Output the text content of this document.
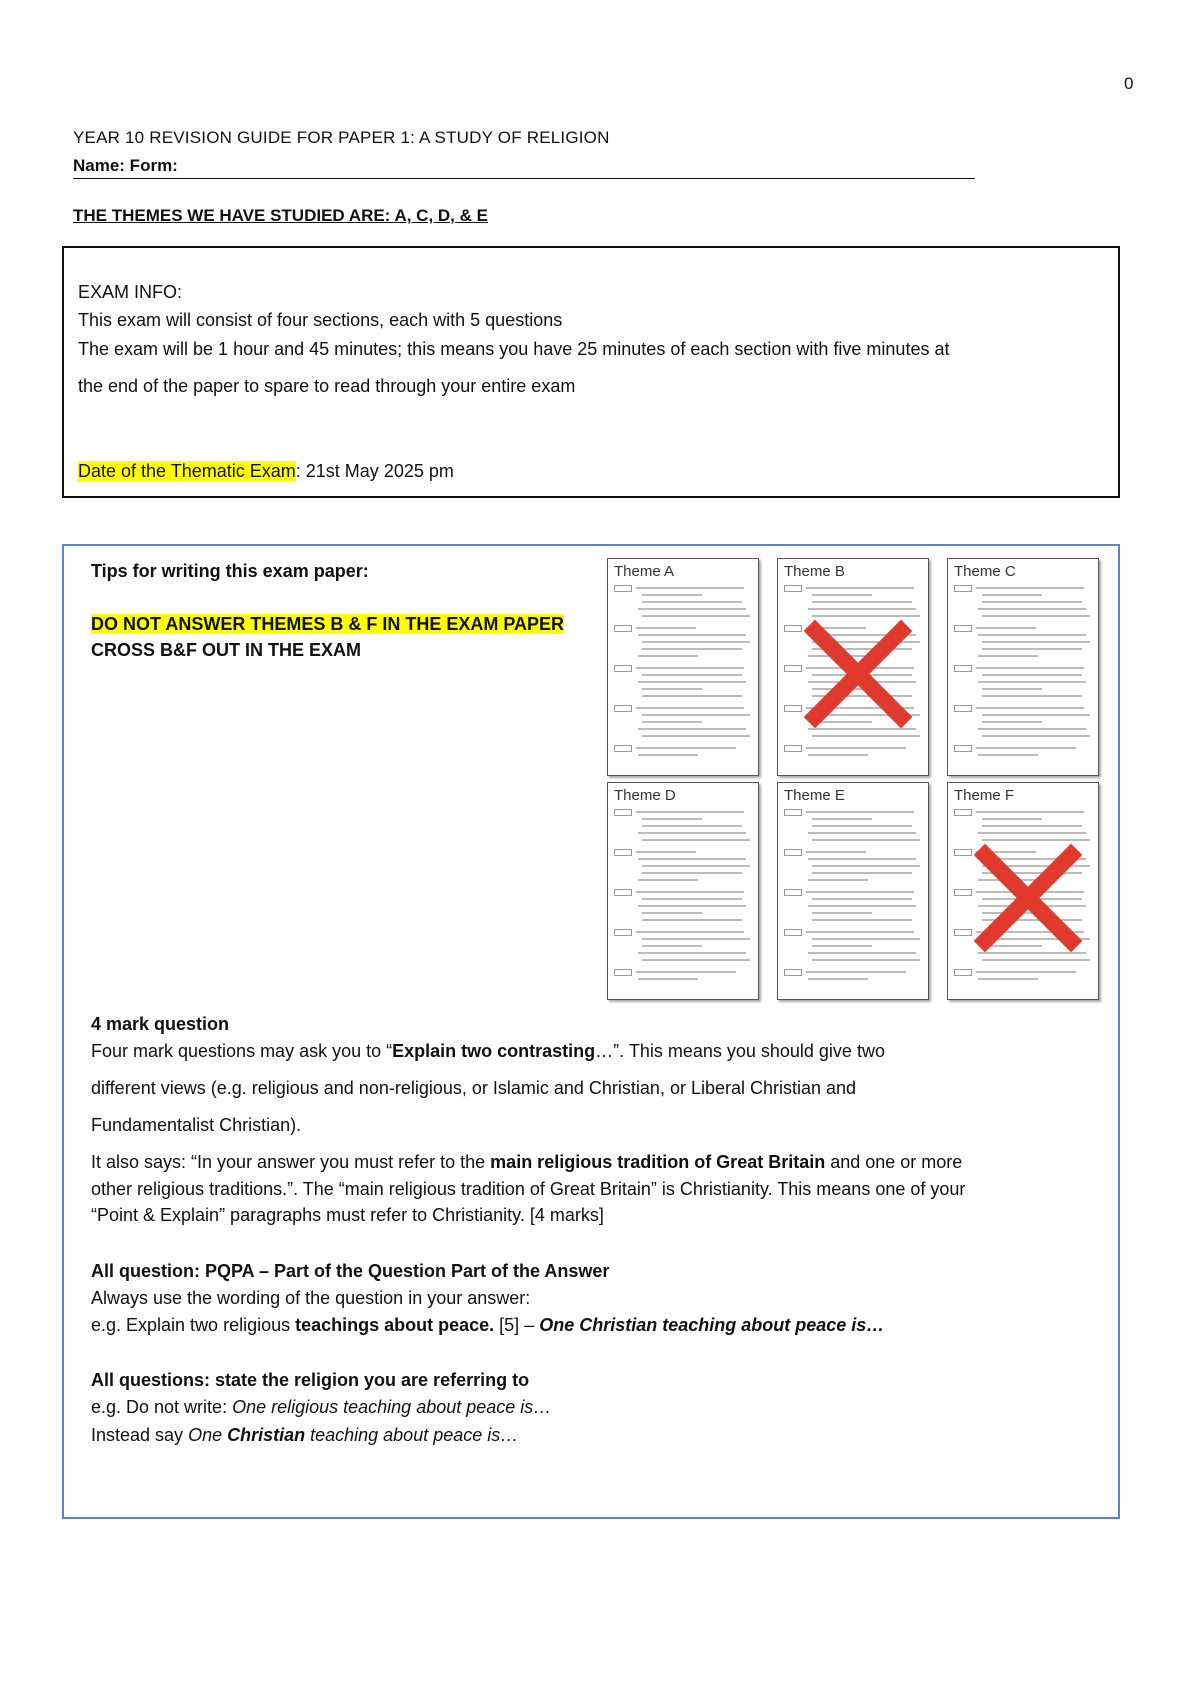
0
YEAR 10 REVISION GUIDE FOR PAPER 1: A STUDY OF RELIGION
Name: Form:
THE THEMES WE HAVE STUDIED ARE: A, C, D, & E
EXAM INFO:
This exam will consist of four sections, each with 5 questions
The exam will be 1 hour and 45 minutes; this means you have 25 minutes of each section with five minutes at
the end of the paper to spare to read through your entire exam
Date of the Thematic Exam: 21st May 2025 pm
Tips for writing this exam paper:
DO NOT ANSWER THEMES B & F IN THE EXAM PAPER
CROSS B&F OUT IN THE EXAM
Theme A	Theme B	Theme C
Theme D	Theme E	Theme F
4 mark question
Four mark questions may ask you to “Explain two contrasting…”. This means you should give two
different views (e.g. religious and non-religious, or Islamic and Christian, or Liberal Christian and
Fundamentalist Christian).
It also says: “In your answer you must refer to the main religious tradition of Great Britain and one or more
other religious traditions.”. The “main religious tradition of Great Britain” is Christianity. This means one of your
“Point & Explain” paragraphs must refer to Christianity. [4 marks]
All question: PQPA – Part of the Question Part of the Answer
Always use the wording of the question in your answer:
e.g. Explain two religious teachings about peace. [5] – One Christian teaching about peace is…
All questions: state the religion you are referring to
e.g. Do not write: One religious teaching about peace is…
Instead say One Christian teaching about peace is…
